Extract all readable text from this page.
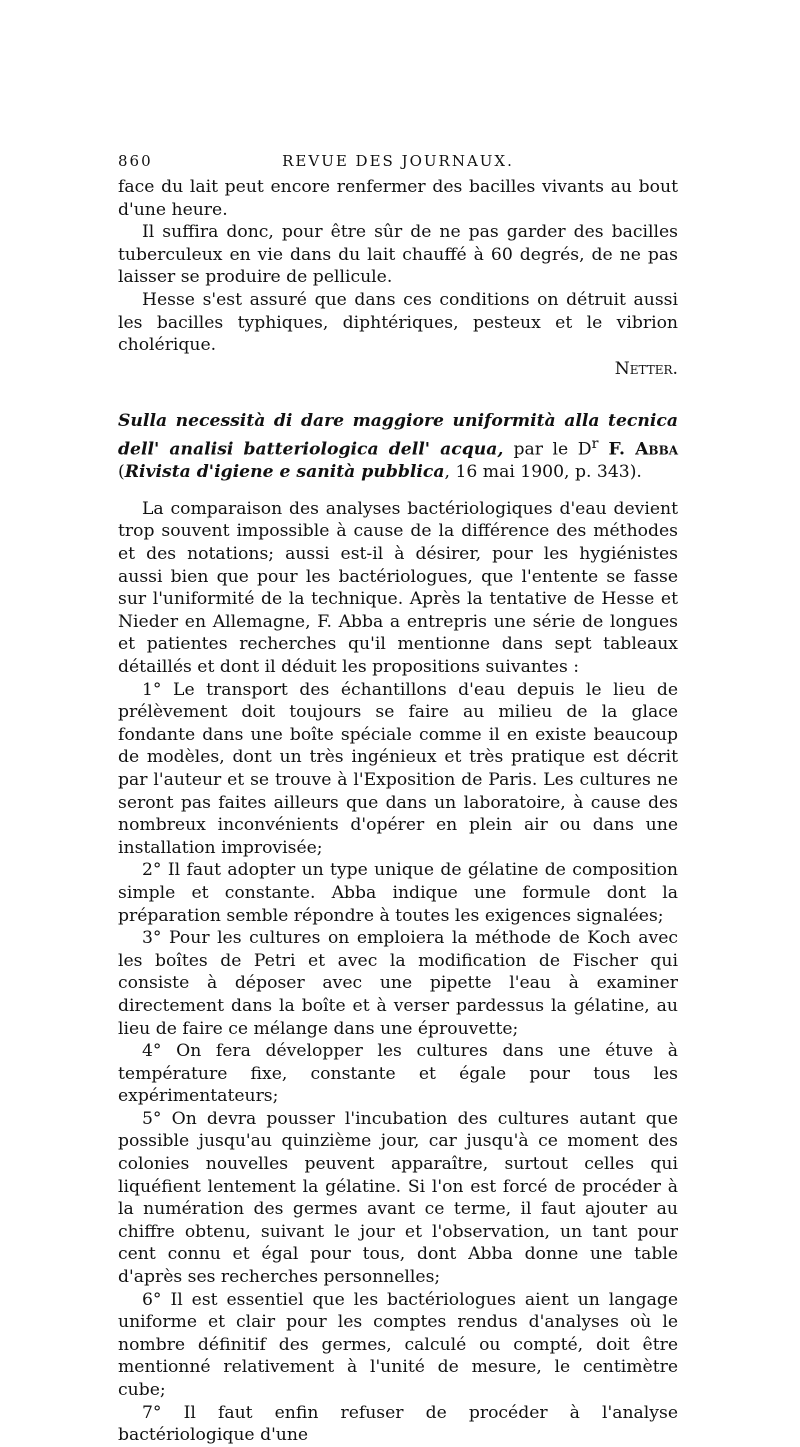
860	REVUE DES JOURNAUX.

face du lait peut encore renfermer des bacilles vivants au bout d'une heure.

Il suffira donc, pour être sûr de ne pas garder des bacilles tuberculeux en vie dans du lait chauffé à 60 degrés, de ne pas laisser se produire de pellicule.

Hesse s'est assuré que dans ces conditions on détruit aussi les bacilles typhiques, diphtériques, pesteux et le vibrion cholérique.

Netter.

Sulla necessità di dare maggiore uniformità alla tecnica dell' analisi batteriologica dell' acqua, par le $D^r$ F. Abba (Rivista d'igiene e sanità pubblica, 16 mai 1900, p. 343).

La comparaison des analyses bactériologiques d'eau devient trop souvent impossible à cause de la différence des méthodes et des notations; aussi est-il à désirer, pour les hygiénistes aussi bien que pour les bactériologues, que l'entente se fasse sur l'uniformité de la technique. Après la tentative de Hesse et Nieder en Allemagne, F. Abba a entrepris une série de longues et patientes recherches qu'il mentionne dans sept tableaux détaillés et dont il déduit les propositions suivantes :

1° Le transport des échantillons d'eau depuis le lieu de prélèvement doit toujours se faire au milieu de la glace fondante dans une boîte spéciale comme il en existe beaucoup de modèles, dont un très ingénieux et très pratique est décrit par l'auteur et se trouve à l'Exposition de Paris. Les cultures ne seront pas faites ailleurs que dans un laboratoire, à cause des nombreux inconvénients d'opérer en plein air ou dans une installation improvisée;

2° Il faut adopter un type unique de gélatine de composition simple et constante. Abba indique une formule dont la préparation semble répondre à toutes les exigences signalées;

3° Pour les cultures on emploiera la méthode de Koch avec les boîtes de Petri et avec la modification de Fischer qui consiste à déposer avec une pipette l'eau à examiner directement dans la boîte et à verser pardessus la gélatine, au lieu de faire ce mélange dans une éprouvette;

4° On fera développer les cultures dans une étuve à température fixe, constante et égale pour tous les expérimentateurs;

5° On devra pousser l'incubation des cultures autant que possible jusqu'au quinzième jour, car jusqu'à ce moment des colonies nouvelles peuvent apparaître, surtout celles qui liquéfient lentement la gélatine. Si l'on est forcé de procéder à la numération des germes avant ce terme, il faut ajouter au chiffre obtenu, suivant le jour et l'observation, un tant pour cent connu et égal pour tous, dont Abba donne une table d'après ses recherches personnelles;

6° Il est essentiel que les bactériologues aient un langage uniforme et clair pour les comptes rendus d'analyses où le nombre définitif des germes, calculé ou compté, doit être mentionné relativement à l'unité de mesure, le centimètre cube;

7° Il faut enfin refuser de procéder à l'analyse bactériologique d'une
